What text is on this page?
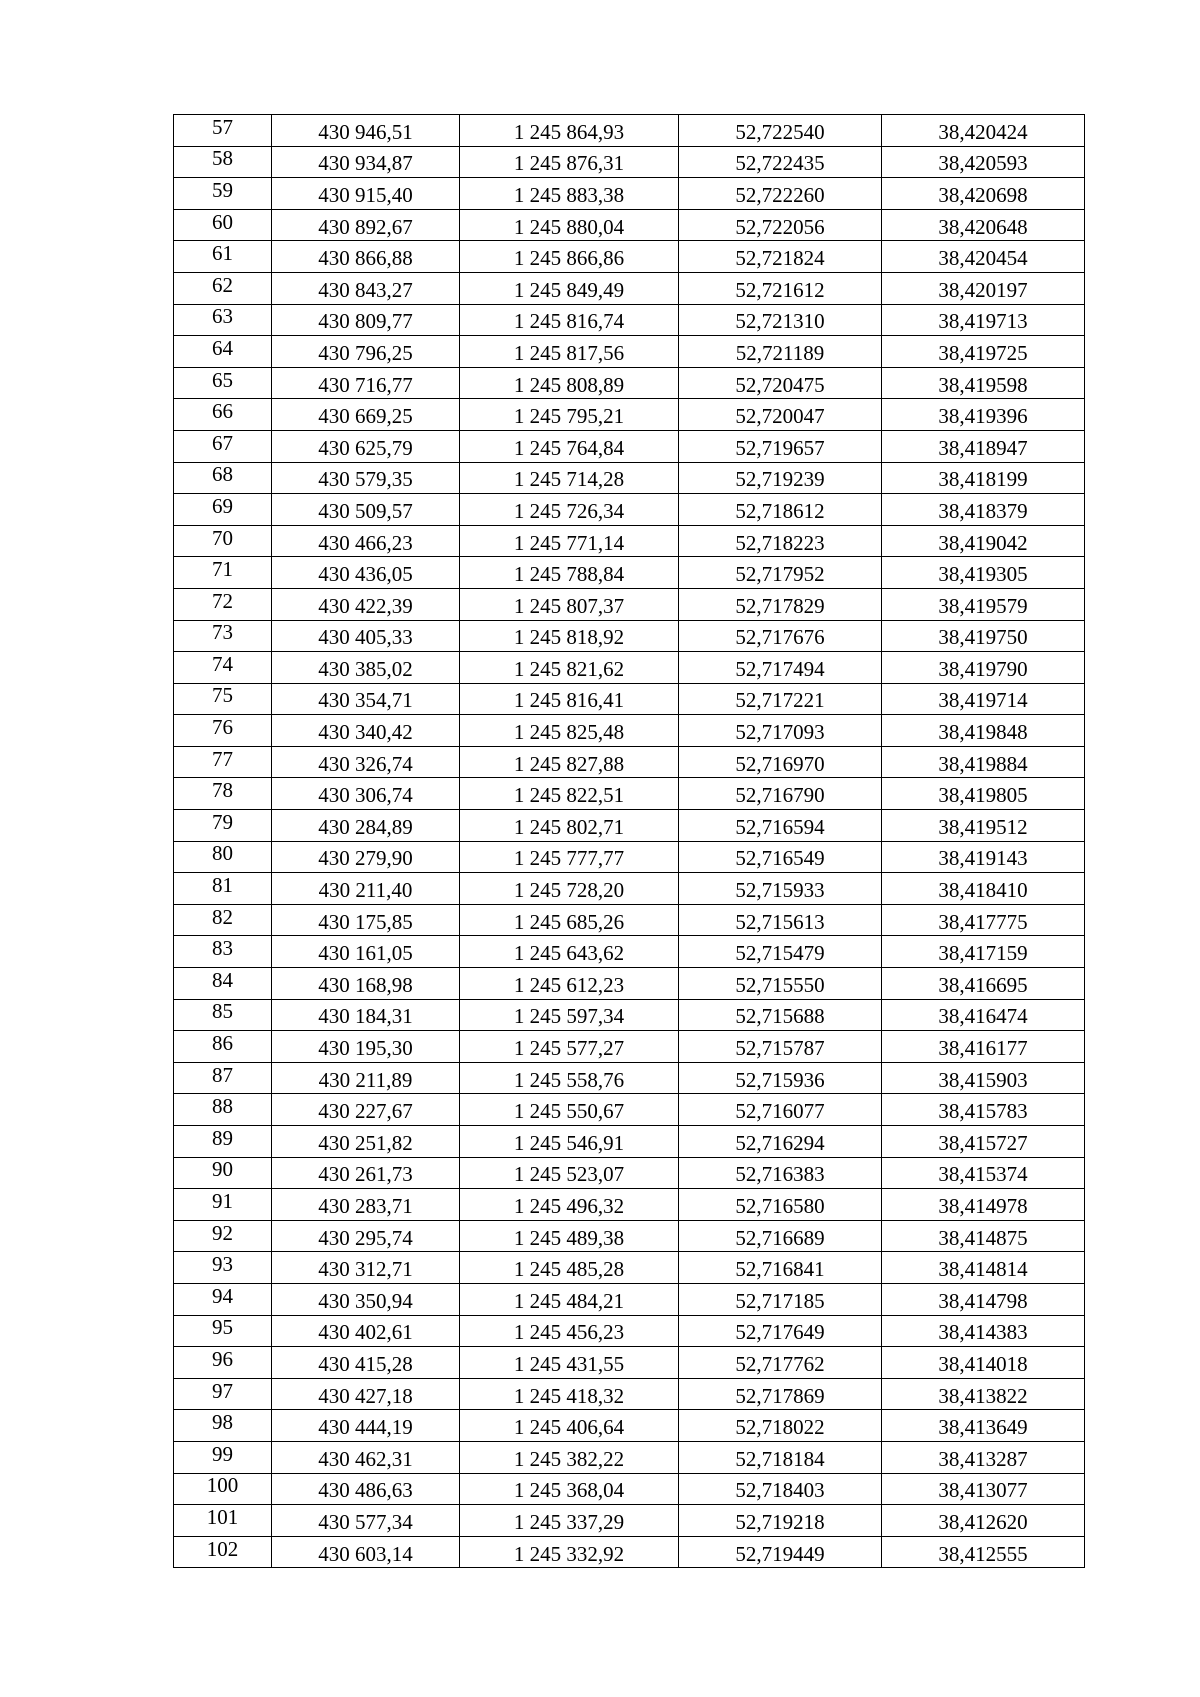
57	430 946,51	1 245 864,93	52,722540	38,420424
58	430 934,87	1 245 876,31	52,722435	38,420593
59	430 915,40	1 245 883,38	52,722260	38,420698
60	430 892,67	1 245 880,04	52,722056	38,420648
61	430 866,88	1 245 866,86	52,721824	38,420454
62	430 843,27	1 245 849,49	52,721612	38,420197
63	430 809,77	1 245 816,74	52,721310	38,419713
64	430 796,25	1 245 817,56	52,721189	38,419725
65	430 716,77	1 245 808,89	52,720475	38,419598
66	430 669,25	1 245 795,21	52,720047	38,419396
67	430 625,79	1 245 764,84	52,719657	38,418947
68	430 579,35	1 245 714,28	52,719239	38,418199
69	430 509,57	1 245 726,34	52,718612	38,418379
70	430 466,23	1 245 771,14	52,718223	38,419042
71	430 436,05	1 245 788,84	52,717952	38,419305
72	430 422,39	1 245 807,37	52,717829	38,419579
73	430 405,33	1 245 818,92	52,717676	38,419750
74	430 385,02	1 245 821,62	52,717494	38,419790
75	430 354,71	1 245 816,41	52,717221	38,419714
76	430 340,42	1 245 825,48	52,717093	38,419848
77	430 326,74	1 245 827,88	52,716970	38,419884
78	430 306,74	1 245 822,51	52,716790	38,419805
79	430 284,89	1 245 802,71	52,716594	38,419512
80	430 279,90	1 245 777,77	52,716549	38,419143
81	430 211,40	1 245 728,20	52,715933	38,418410
82	430 175,85	1 245 685,26	52,715613	38,417775
83	430 161,05	1 245 643,62	52,715479	38,417159
84	430 168,98	1 245 612,23	52,715550	38,416695
85	430 184,31	1 245 597,34	52,715688	38,416474
86	430 195,30	1 245 577,27	52,715787	38,416177
87	430 211,89	1 245 558,76	52,715936	38,415903
88	430 227,67	1 245 550,67	52,716077	38,415783
89	430 251,82	1 245 546,91	52,716294	38,415727
90	430 261,73	1 245 523,07	52,716383	38,415374
91	430 283,71	1 245 496,32	52,716580	38,414978
92	430 295,74	1 245 489,38	52,716689	38,414875
93	430 312,71	1 245 485,28	52,716841	38,414814
94	430 350,94	1 245 484,21	52,717185	38,414798
95	430 402,61	1 245 456,23	52,717649	38,414383
96	430 415,28	1 245 431,55	52,717762	38,414018
97	430 427,18	1 245 418,32	52,717869	38,413822
98	430 444,19	1 245 406,64	52,718022	38,413649
99	430 462,31	1 245 382,22	52,718184	38,413287
100	430 486,63	1 245 368,04	52,718403	38,413077
101	430 577,34	1 245 337,29	52,719218	38,412620
102	430 603,14	1 245 332,92	52,719449	38,412555
